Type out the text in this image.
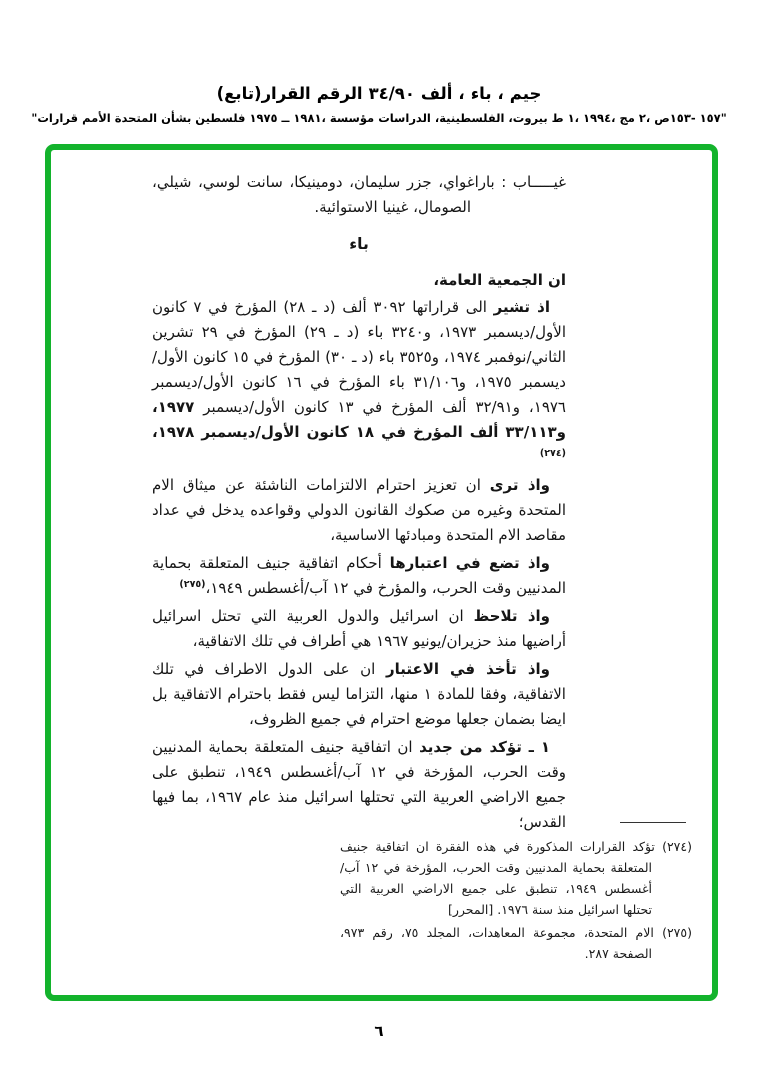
(تابع) القرار الرقم ٣٤/٩٠ ألف ، باء ، جيم
" قرارات الأمم المتحدة بشأن فلسطين ١٩٧٥ ــ ١٩٨١، مؤسسة الدراسات الفلسطينية، بيروت، ط ١، ١٩٩٤، مج ٢، ص ١٥٣- ١٥٧ "

غيـــــاب : باراغواي، جزر سليمان، دومينيكا، سانت لوسي، شيلي، الصومال، غينيا الاستوائية.

باء

ان الجمعية العامة،

اذ تشير الى قراراتها ٣٠٩٢ ألف (د ـ ٢٨) المؤرخ في ٧ كانون الأول/ديسمبر ١٩٧٣، و٣٢٤٠ باء (د ـ ٢٩) المؤرخ في ٢٩ تشرين الثاني/نوفمبر ١٩٧٤، و٣٥٢٥ باء (د ـ ٣٠) المؤرخ في ١٥ كانون الأول/ديسمبر ١٩٧٥، و٣١/١٠٦ باء المؤرخ في ١٦ كانون الأول/ديسمبر ١٩٧٦، و٣٢/٩١ ألف المؤرخ في ١٣ كانون الأول/ديسمبر ١٩٧٧، و٣٣/١١٣ ألف المؤرخ في ١٨ كانون الأول/ديسمبر ١٩٧٨،$^{(٢٧٤)}$

واذ ترى ان تعزيز احترام الالتزامات الناشئة عن ميثاق الام المتحدة وغيره من صكوك القانون الدولي وقواعده يدخل في عداد مقاصد الام المتحدة ومبادئها الاساسية،

واذ تضع في اعتبارها أحكام اتفاقية جنيف المتعلقة بحماية المدنيين وقت الحرب، والمؤرخ في ١٢ آب/أغسطس ١٩٤٩،$^{(٢٧٥)}$

واذ تلاحظ ان اسرائيل والدول العربية التي تحتل اسرائيل أراضيها منذ حزيران/يونيو ١٩٦٧ هي أطراف في تلك الاتفاقية،

واذ تأخذ في الاعتبار ان على الدول الاطراف في تلك الاتفاقية، وفقا للمادة ١ منها، التزاما ليس فقط باحترام الاتفاقية بل ايضا بضمان جعلها موضع احترام في جميع الظروف،

١ ـ تؤكد من جديد ان اتفاقية جنيف المتعلقة بحماية المدنيين وقت الحرب، المؤرخة في ١٢ آب/أغسطس ١٩٤٩، تنطبق على جميع الاراضي العربية التي تحتلها اسرائيل منذ عام ١٩٦٧، بما فيها القدس؛

(٢٧٤) تؤكد القرارات المذكورة في هذه الفقرة ان اتفاقية جنيف المتعلقة بحماية المدنيين وقت الحرب، المؤرخة في ١٢ آب/أغسطس ١٩٤٩، تنطبق على جميع الاراضي العربية التي تحتلها اسرائيل منذ سنة ١٩٧٦. [المحرر]

(٢٧٥) الام المتحدة، مجموعة المعاهدات، المجلد ٧٥، رقم ٩٧٣، الصفحة ٢٨٧.

٦
